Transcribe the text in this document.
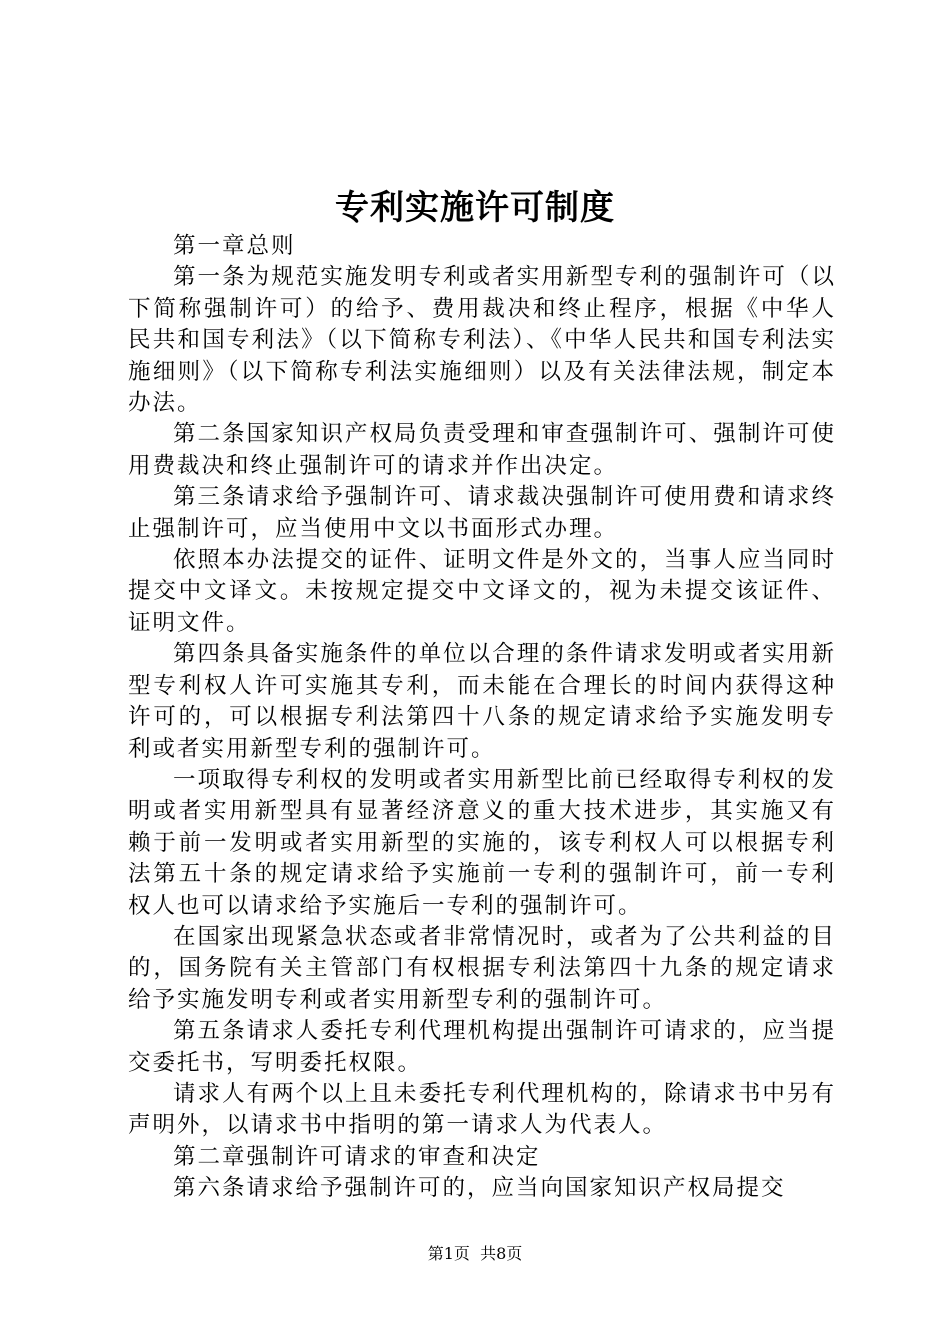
专利实施许可制度

第一章总则

第一条为规范实施发明专利或者实用新型专利的强制许可（以下简称强制许可）的给予、费用裁决和终止程序，根据《中华人民共和国专利法》（以下简称专利法）、《中华人民共和国专利法实施细则》（以下简称专利法实施细则）以及有关法律法规，制定本办法。

第二条国家知识产权局负责受理和审查强制许可、强制许可使用费裁决和终止强制许可的请求并作出决定。

第三条请求给予强制许可、请求裁决强制许可使用费和请求终止强制许可，应当使用中文以书面形式办理。

依照本办法提交的证件、证明文件是外文的，当事人应当同时提交中文译文。未按规定提交中文译文的，视为未提交该证件、证明文件。

第四条具备实施条件的单位以合理的条件请求发明或者实用新型专利权人许可实施其专利，而未能在合理长的时间内获得这种许可的，可以根据专利法第四十八条的规定请求给予实施发明专利或者实用新型专利的强制许可。

一项取得专利权的发明或者实用新型比前已经取得专利权的发明或者实用新型具有显著经济意义的重大技术进步，其实施又有赖于前一发明或者实用新型的实施的，该专利权人可以根据专利法第五十条的规定请求给予实施前一专利的强制许可，前一专利权人也可以请求给予实施后一专利的强制许可。

在国家出现紧急状态或者非常情况时，或者为了公共利益的目的，国务院有关主管部门有权根据专利法第四十九条的规定请求给予实施发明专利或者实用新型专利的强制许可。

第五条请求人委托专利代理机构提出强制许可请求的，应当提交委托书，写明委托权限。

请求人有两个以上且未委托专利代理机构的，除请求书中另有声明外，以请求书中指明的第一请求人为代表人。

第二章强制许可请求的审查和决定

第六条请求给予强制许可的，应当向国家知识产权局提交

第1页 共8页
